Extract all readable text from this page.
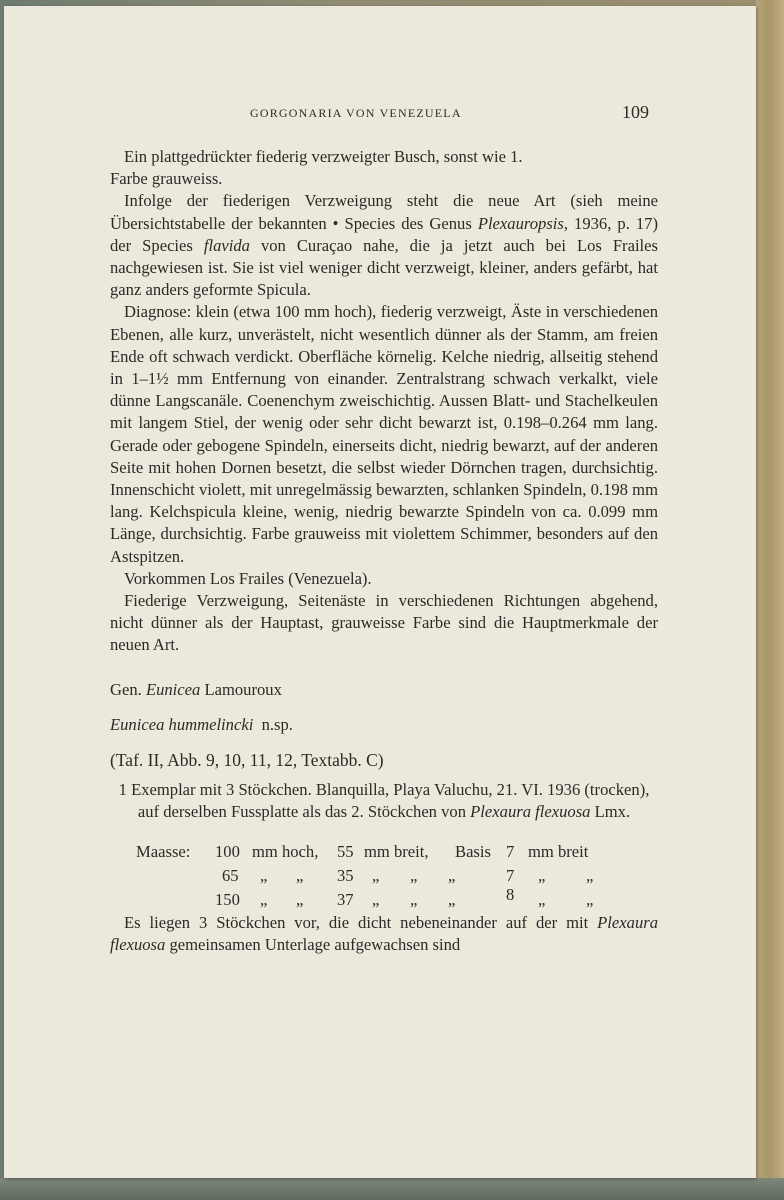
GORGONARIA VON VENEZUELA	109

Ein plattgedrückter fiederig verzweigter Busch, sonst wie 1.
Farbe grauweiss.

Infolge der fiederigen Verzweigung steht die neue Art (sieh meine Übersichtstabelle der bekannten • Species des Genus Plexauropsis, 1936, p. 17) der Species flavida von Curaçao nahe, die ja jetzt auch bei Los Frailes nachgewiesen ist. Sie ist viel weniger dicht verzweigt, kleiner, anders gefärbt, hat ganz anders geformte Spicula.

Diagnose: klein (etwa 100 mm hoch), fiederig verzweigt, Äste in verschiedenen Ebenen, alle kurz, unverästelt, nicht wesentlich dünner als der Stamm, am freien Ende oft schwach verdickt. Oberfläche körnelig. Kelche niedrig, allseitig stehend in 1–1½ mm Entfernung von einander. Zentralstrang schwach verkalkt, viele dünne Langscanäle. Coenenchym zweischichtig. Aussen Blatt- und Stachelkeulen mit langem Stiel, der wenig oder sehr dicht bewarzt ist, 0.198–0.264 mm lang. Gerade oder gebogene Spindeln, einerseits dicht, niedrig bewarzt, auf der anderen Seite mit hohen Dornen besetzt, die selbst wieder Dörnchen tragen, durchsichtig. Innenschicht violett, mit unregelmässig bewarzten, schlanken Spindeln, 0.198 mm lang. Kelchspicula kleine, wenig, niedrig bewarzte Spindeln von ca. 0.099 mm Länge, durchsichtig. Farbe grauweiss mit violettem Schimmer, besonders auf den Astspitzen.

Vorkommen Los Frailes (Venezuela).

Fiederige Verzweigung, Seitenäste in verschiedenen Richtungen abgehend, nicht dünner als der Hauptast, grauweisse Farbe sind die Hauptmerkmale der neuen Art.

Gen. Eunicea Lamouroux

Eunicea hummelincki  n.sp.

(Taf. II, Abb. 9, 10, 11, 12, Textabb. C)

1 Exemplar mit 3 Stöckchen. Blanquilla, Playa Valuchu, 21. VI. 1936 (trocken), auf derselben Fussplatte als das 2. Stöckchen von Plexaura flexuosa Lmx.

Maasse: 100 mm hoch, 55 mm breit, Basis 7 mm breit
65 „ „ 35 „ „ „	7 „ „
150 „ „ 37 „ „ „	8 „ „

Es liegen 3 Stöckchen vor, die dicht nebeneinander auf der mit Plexaura flexuosa gemeinsamen Unterlage aufgewachsen sind
